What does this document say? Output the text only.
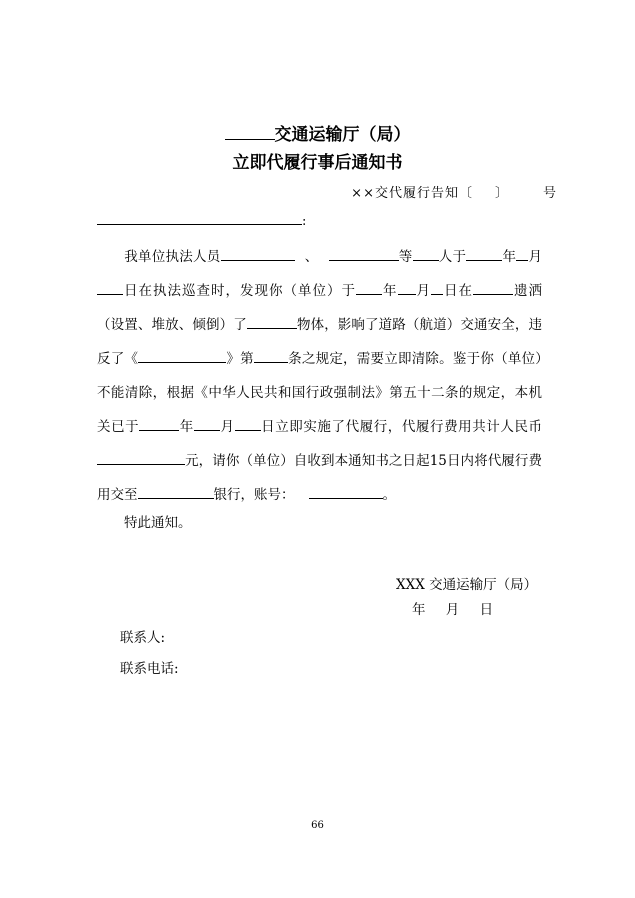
交通运输厅（局）
立即代履行事后通知书
××交代履行告知〔 〕	号
:
我单位执法人员	、	等 人于	年 月日在执法巡查时，发现你（单位）于 年 月 日在	遗洒（设置、堆放、倾倒）了	物体，影响了道路（航道）交通安全，违反了《	》第	条之规定，需要立即清除。鉴于你（单位）不能清除，根据《中华人民共和国行政强制法》第五十二条的规定，本机关已于	年 月 日立即实施了代履行，代履行费用共计人民币元，请你（单位）自收到本通知书之日起15日内将代履行费用交至	银行，账号：	。
特此通知。
XXX 交通运输厅（局）
年 月 日
联系人:
联系电话:
66
